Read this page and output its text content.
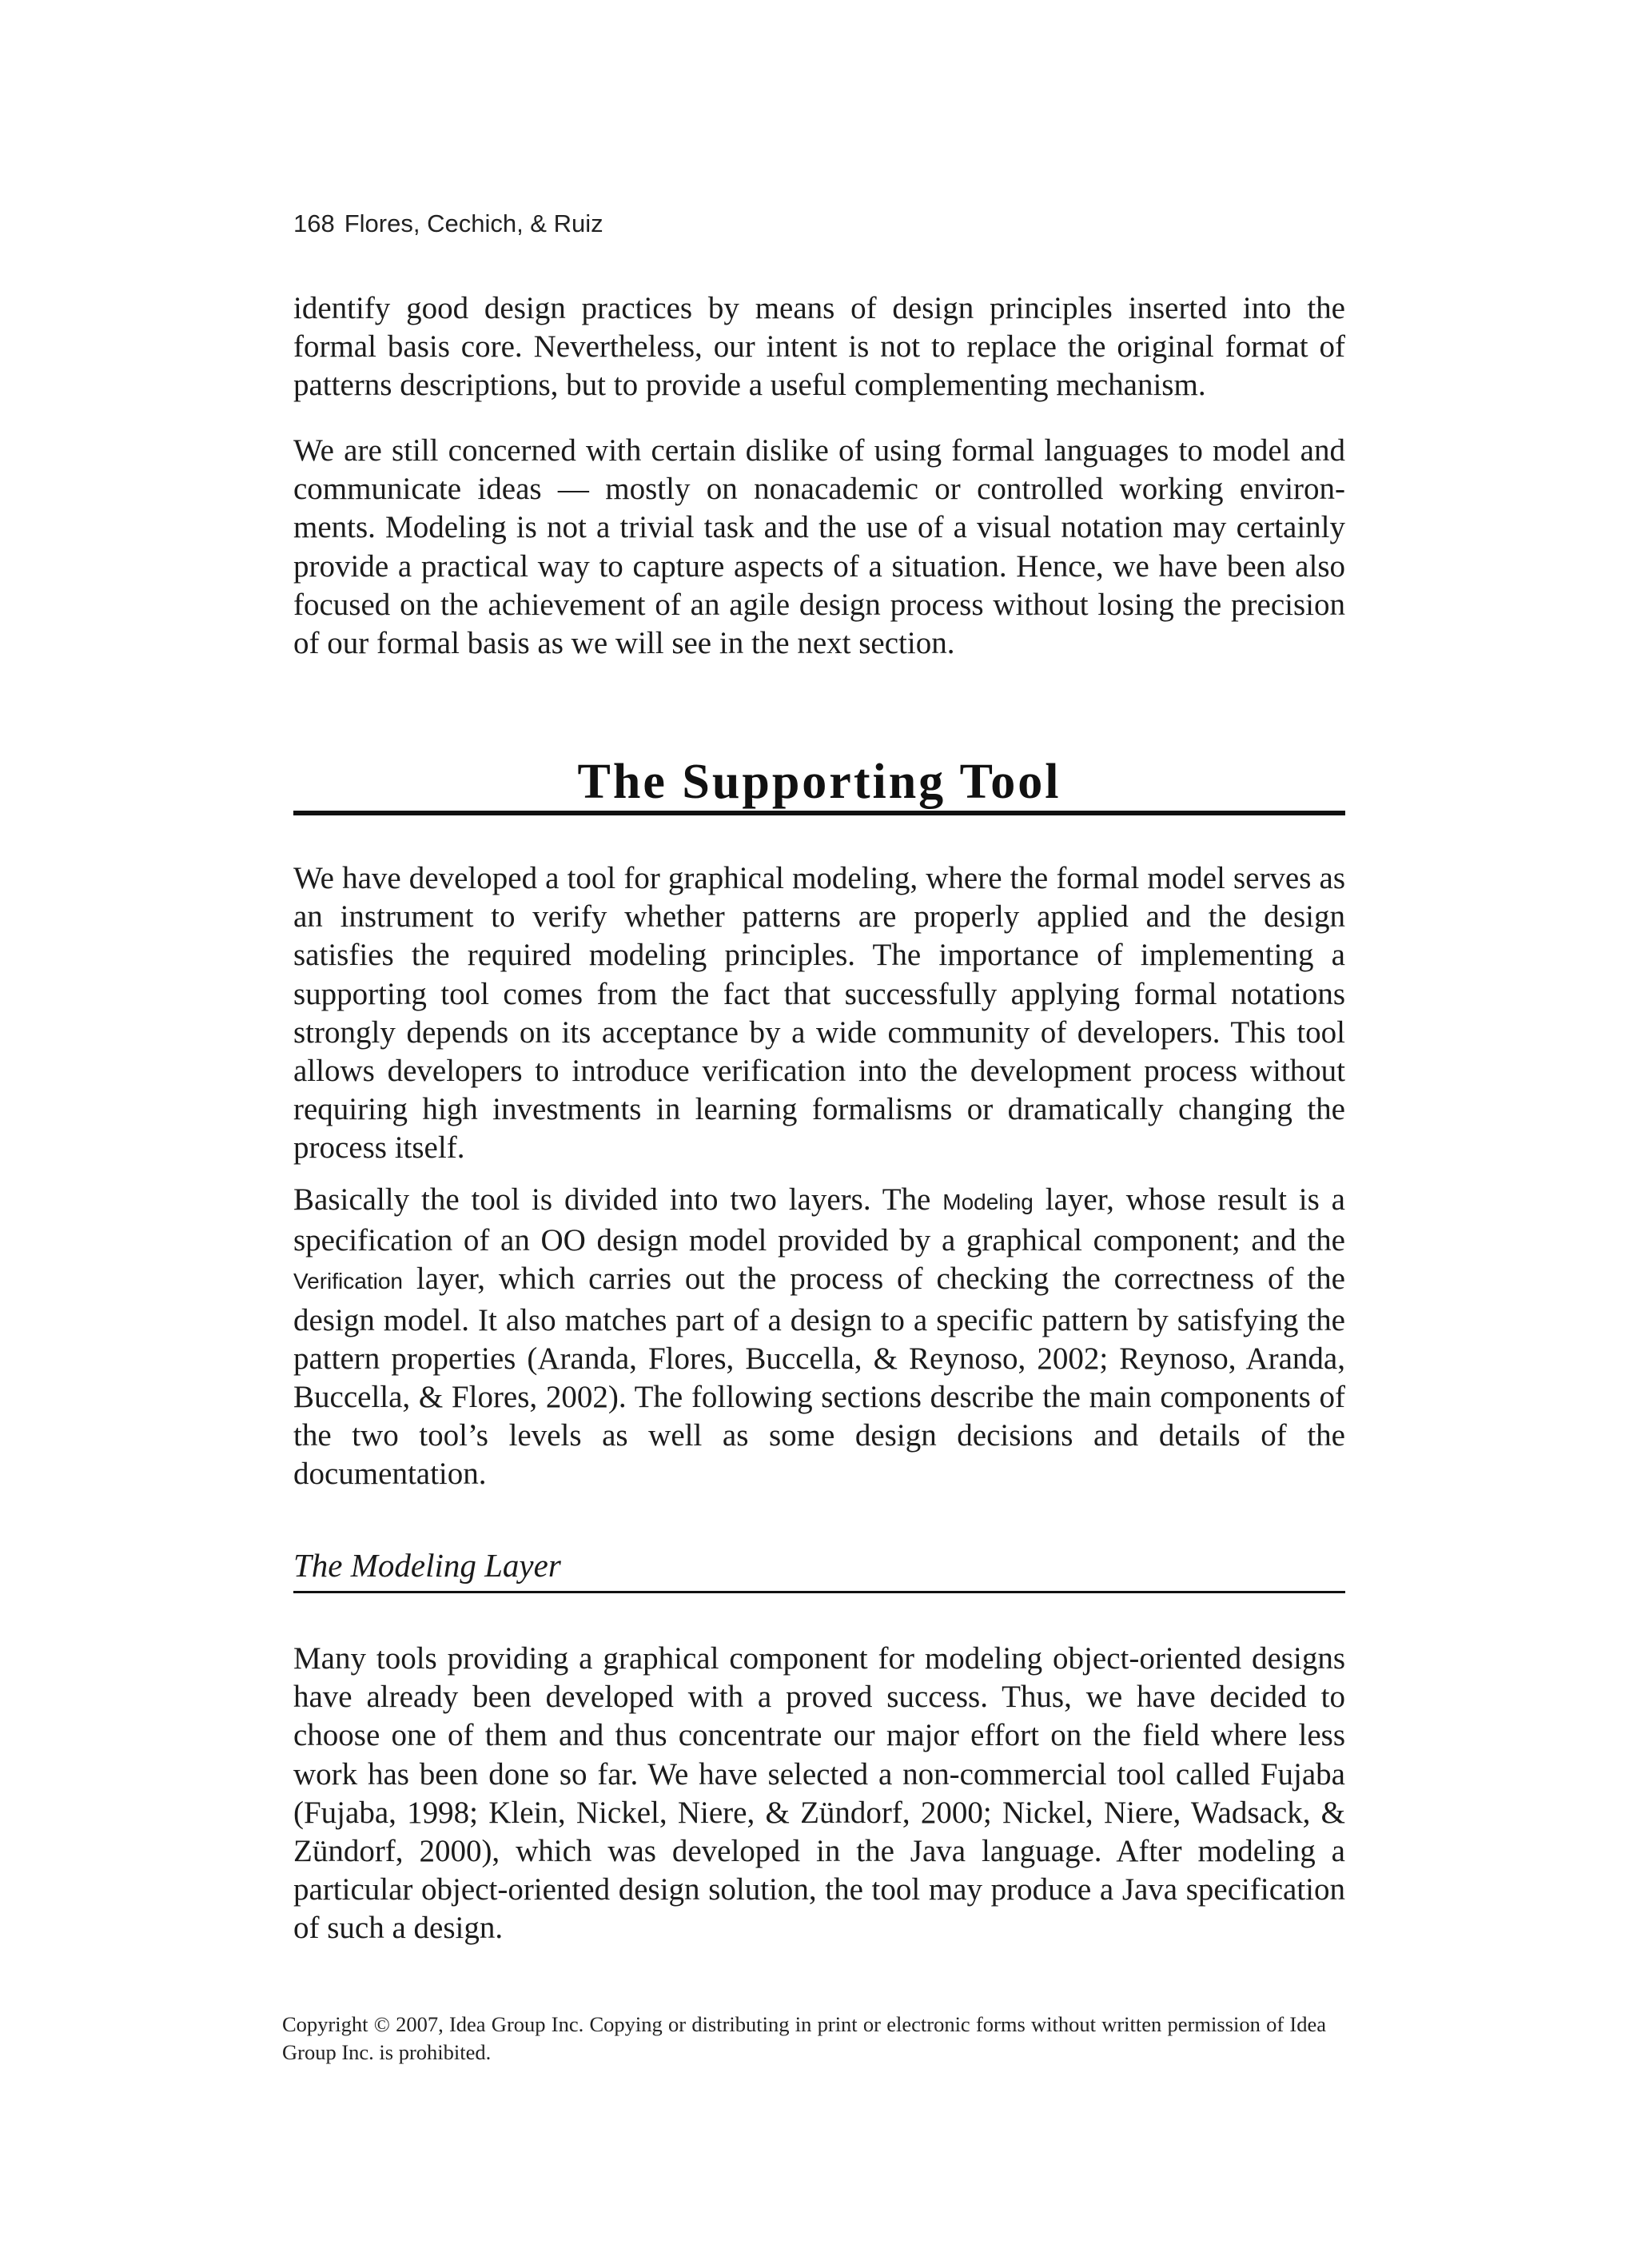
168 Flores, Cechich, & Ruiz

identify good design practices by means of design principles inserted into the formal basis core. Nevertheless, our intent is not to replace the original format of patterns descriptions, but to provide a useful complementing mechanism.

We are still concerned with certain dislike of using formal languages to model and communicate ideas — mostly on nonacademic or controlled working environ-ments. Modeling is not a trivial task and the use of a visual notation may certainly provide a practical way to capture aspects of a situation. Hence, we have been also focused on the achievement of an agile design process without losing the precision of our formal basis as we will see in the next section.

The Supporting Tool

We have developed a tool for graphical modeling, where the formal model serves as an instrument to verify whether patterns are properly applied and the design satisfies the required modeling principles. The importance of implementing a supporting tool comes from the fact that successfully applying formal notations strongly depends on its acceptance by a wide community of developers. This tool allows developers to introduce verification into the development process without requiring high investments in learning formalisms or dramatically changing the process itself.

Basically the tool is divided into two layers. The Modeling layer, whose result is a specification of an OO design model provided by a graphical component; and the Verification layer, which carries out the process of checking the correctness of the design model. It also matches part of a design to a specific pattern by satisfying the pattern properties (Aranda, Flores, Buccella, & Reynoso, 2002; Reynoso, Aranda, Buccella, & Flores, 2002). The following sections describe the main components of the two tool’s levels as well as some design decisions and details of the documentation.

The Modeling Layer

Many tools providing a graphical component for modeling object-oriented designs have already been developed with a proved success. Thus, we have decided to choose one of them and thus concentrate our major effort on the field where less work has been done so far. We have selected a non-commercial tool called Fujaba (Fujaba, 1998; Klein, Nickel, Niere, & Zündorf, 2000; Nickel, Niere, Wadsack, & Zündorf, 2000), which was developed in the Java language. After modeling a particular object-oriented design solution, the tool may produce a Java specification of such a design.

Copyright © 2007, Idea Group Inc. Copying or distributing in print or electronic forms without written permission of Idea Group Inc. is prohibited.
